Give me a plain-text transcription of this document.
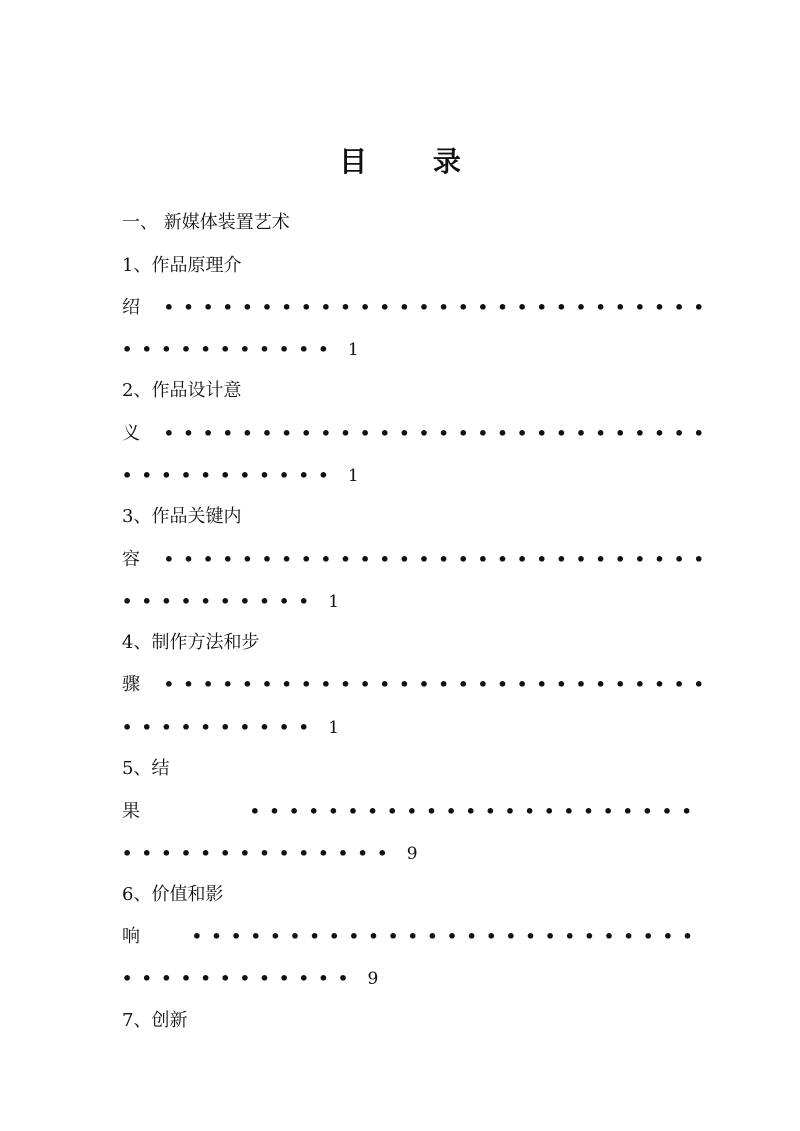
目 录
一、 新媒体装置艺术
1、作品原理介
绍 ••••••••••••••••••••••••••••
••••••••••• 1
2、作品设计意
义 ••••••••••••••••••••••••••••
••••••••••• 1
3、作品关键内
容 ••••••••••••••••••••••••••••
•••••••••• 1
4、制作方法和步
骤 ••••••••••••••••••••••••••••
•••••••••• 1
5、结
果	•••••••••••••••••••••••
•••••••••••••• 9
6、价值和影
响	••••••••••••••••••••••••••
•••••••••••• 9
7、创新
